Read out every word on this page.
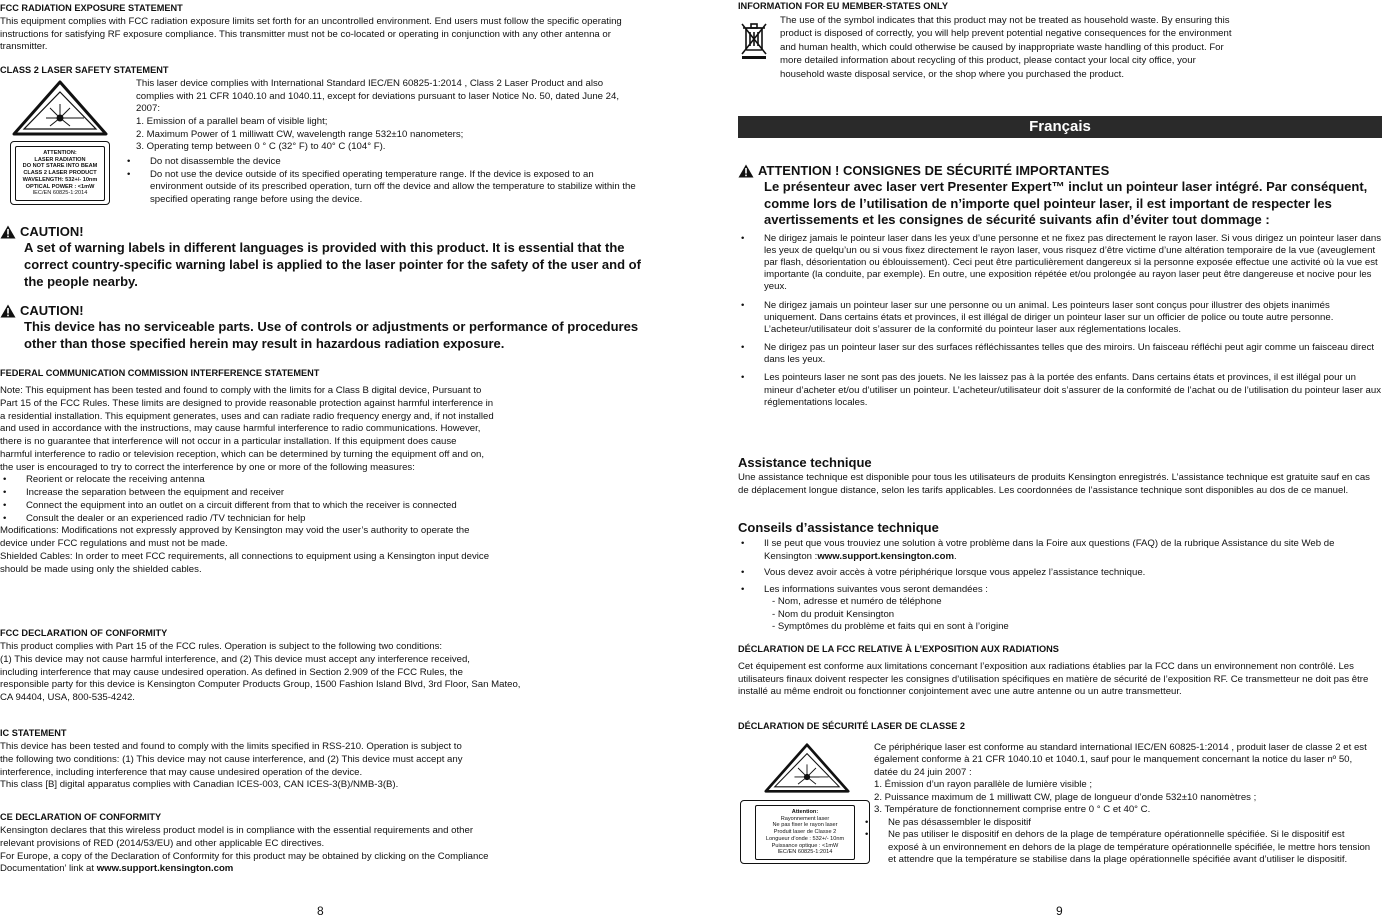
FCC RADIATION EXPOSURE STATEMENT

This equipment complies with FCC radiation exposure limits set forth for an uncontrolled environment. End users must follow the specific operating instructions for satisfying RF exposure compliance. This transmitter must not be co-located or operating in conjunction with any other antenna or transmitter.

CLASS 2 LASER SAFETY STATEMENT
ATTENTION:
LASER RADIATION
DO NOT STARE INTO BEAM
CLASS 2 LASER PRODUCT
WAVELENGTH: 532+/- 10nm
OPTICAL POWER : <1mW
IEC/EN 60825-1:2014

This laser device complies with International Standard IEC/EN 60825-1:2014 , Class 2 Laser Product and also complies with 21 CFR 1040.10 and 1040.11, except for deviations pursuant to laser Notice No. 50, dated June 24, 2007:

1. Emission of a parallel beam of visible light;
2. Maximum Power of 1 milliwatt CW, wavelength range 532±10 nanometers;
3. Operating temp between 0 ° C (32° F) to 40° C (104° F).
• Do not disassemble the device
• Do not use the device outside of its specified operating temperature range. If the device is exposed to an environment outside of its prescribed operation, turn off the device and allow the temperature to stabilize within the specified operating range before using the device.
CAUTION!
A set of warning labels in different languages is provided with this product. It is essential that the correct country-specific warning label is applied to the laser pointer for the safety of the user and of the people nearby.
CAUTION!
This device has no serviceable parts. Use of controls or adjustments or performance of procedures other than those specified herein may result in hazardous radiation exposure.
FEDERAL COMMUNICATION COMMISSION INTERFERENCE STATEMENT
Note: This equipment has been tested and found to comply with the limits for a Class B digital device, Pursuant to
Part 15 of the FCC Rules. These limits are designed to provide reasonable protection against harmful interference in
a residential installation. This equipment generates, uses and can radiate radio frequency energy and, if not installed
and used in accordance with the instructions, may cause harmful interference to radio communications. However,
there is no guarantee that interference will not occur in a particular installation. If this equipment does cause
harmful interference to radio or television reception, which can be determined by turning the equipment off and on,
the user is encouraged to try to correct the interference by one or more of the following measures:
• Reorient or relocate the receiving antenna
• Increase the separation between the equipment and receiver
• Connect the equipment into an outlet on a circuit different from that to which the receiver is connected
• Consult the dealer or an experienced radio /TV technician for help
Modifications: Modifications not expressly approved by Kensington may void the user’s authority to operate the
device under FCC regulations and must not be made.
Shielded Cables: In order to meet FCC requirements, all connections to equipment using a Kensington input device
should be made using only the shielded cables.
FCC DECLARATION OF CONFORMITY
This product complies with Part 15 of the FCC rules. Operation is subject to the following two conditions:
(1) This device may not cause harmful interference, and (2) This device must accept any interference received,
including interference that may cause undesired operation. As defined in Section 2.909 of the FCC Rules, the
responsible party for this device is Kensington Computer Products Group, 1500 Fashion Island Blvd, 3rd Floor, San Mateo,
CA 94404, USA, 800-535-4242.
IC STATEMENT
This device has been tested and found to comply with the limits specified in RSS-210. Operation is subject to
the following two conditions: (1) This device may not cause interference, and (2) This device must accept any
interference, including interference that may cause undesired operation of the device.
This class [B] digital apparatus complies with Canadian ICES-003, CAN ICES-3(B)/NMB-3(B).
CE DECLARATION OF CONFORMITY
Kensington declares that this wireless product model is in compliance with the essential requirements and other
relevant provisions of RED (2014/53/EU) and other applicable EC directives.
For Europe, a copy of the Declaration of Conformity for this product may be obtained by clicking on the Compliance
Documentation’ link at www.support.kensington.com
8
INFORMATION FOR EU MEMBER-STATES ONLY
The use of the symbol indicates that this product may not be treated as household waste. By ensuring this
product is disposed of correctly, you will help prevent potential negative consequences for the environment
and human health, which could otherwise be caused by inappropriate waste handling of this product. For
more detailed information about recycling of this product, please contact your local city office, your
household waste disposal service, or the shop where you purchased the product.
Français
ATTENTION ! CONSIGNES DE SÉCURITÉ IMPORTANTES
Le présenteur avec laser vert Presenter Expert™ inclut un pointeur laser intégré. Par conséquent, comme lors de l’utilisation de n’importe quel pointeur laser, il est important de respecter les avertissements et les consignes de sécurité suivants afin d’éviter tout dommage :
• Ne dirigez jamais le pointeur laser dans les yeux d’une personne et ne fixez pas directement le rayon laser. Si vous dirigez un pointeur laser dans les yeux de quelqu’un ou si vous fixez directement le rayon laser, vous risquez d’être victime d’une altération temporaire de la vue (aveuglement par flash, désorientation ou éblouissement). Ceci peut être particulièrement dangereux si la personne exposée effectue une activité où la vue est importante (la conduite, par exemple). En outre, une exposition répétée et/ou prolongée au rayon laser peut être dangereuse et nocive pour les yeux.
• Ne dirigez jamais un pointeur laser sur une personne ou un animal. Les pointeurs laser sont conçus pour illustrer des objets inanimés uniquement. Dans certains états et provinces, il est illégal de diriger un pointeur laser sur un officier de police ou toute autre personne. L’acheteur/utilisateur doit s’assurer de la conformité du pointeur laser aux réglementations locales.
• Ne dirigez pas un pointeur laser sur des surfaces réfléchissantes telles que des miroirs. Un faisceau réfléchi peut agir comme un faisceau direct dans les yeux.
• Les pointeurs laser ne sont pas des jouets. Ne les laissez pas à la portée des enfants. Dans certains états et provinces, il est illégal pour un mineur d’acheter et/ou d’utiliser un pointeur. L’acheteur/utilisateur doit s’assurer de la conformité de l’achat ou de l’utilisation du pointeur laser aux réglementations locales.
Assistance technique

Une assistance technique est disponible pour tous les utilisateurs de produits Kensington enregistrés. L’assistance technique est gratuite sauf en cas de déplacement longue distance, selon les tarifs applicables. Les coordonnées de l’assistance technique sont disponibles au dos de ce manuel.

Conseils d’assistance technique
• Il se peut que vous trouviez une solution à votre problème dans la Foire aux questions (FAQ) de la rubrique Assistance du site Web de Kensington :www.support.kensington.com.
• Vous devez avoir accès à votre périphérique lorsque vous appelez l’assistance technique.
• Les informations suivantes vous seront demandées :
- Nom, adresse et numéro de téléphone
- Nom du produit Kensington
- Symptômes du problème et faits qui en sont à l’origine
DÉCLARATION DE LA FCC RELATIVE À L’EXPOSITION AUX RADIATIONS

Cet équipement est conforme aux limitations concernant l’exposition aux radiations établies par la FCC dans un environnement non contrôlé. Les utilisateurs finaux doivent respecter les consignes d’utilisation spécifiques en matière de sécurité de l’exposition RF. Ce transmetteur ne doit pas être installé au même endroit ou fonctionner conjointement avec une autre antenne ou un autre transmetteur.

DÉCLARATION DE SÉCURITÉ LASER DE CLASSE 2
Attention:
Rayonnement laser
Ne pas fixer le rayon laser
Produit laser de Classe 2
Longueur d’onde : 532+/- 10nm
Puissance optique : <1mW
IEC/EN 60825-1:2014

Ce périphérique laser est conforme au standard international IEC/EN 60825-1:2014 , produit laser de classe 2 et est également conforme à 21 CFR 1040.10 et 1040.1, sauf pour le manquement concernant la notice du laser nº 50, datée du 24 juin 2007 :

1. Émission d’un rayon parallèle de lumière visible ;
2. Puissance maximum de 1 milliwatt CW, plage de longueur d’onde 532±10 nanomètres ;
3. Température de fonctionnement comprise entre 0 ° C et 40° C.
• Ne pas désassembler le dispositif
• Ne pas utiliser le dispositif en dehors de la plage de température opérationnelle spécifiée. Si le dispositif est exposé à un environnement en dehors de la plage de température opérationnelle spécifiée, le mettre hors tension et attendre que la température se stabilise dans la plage opérationnelle spécifiée avant d’utiliser le dispositif.
9
